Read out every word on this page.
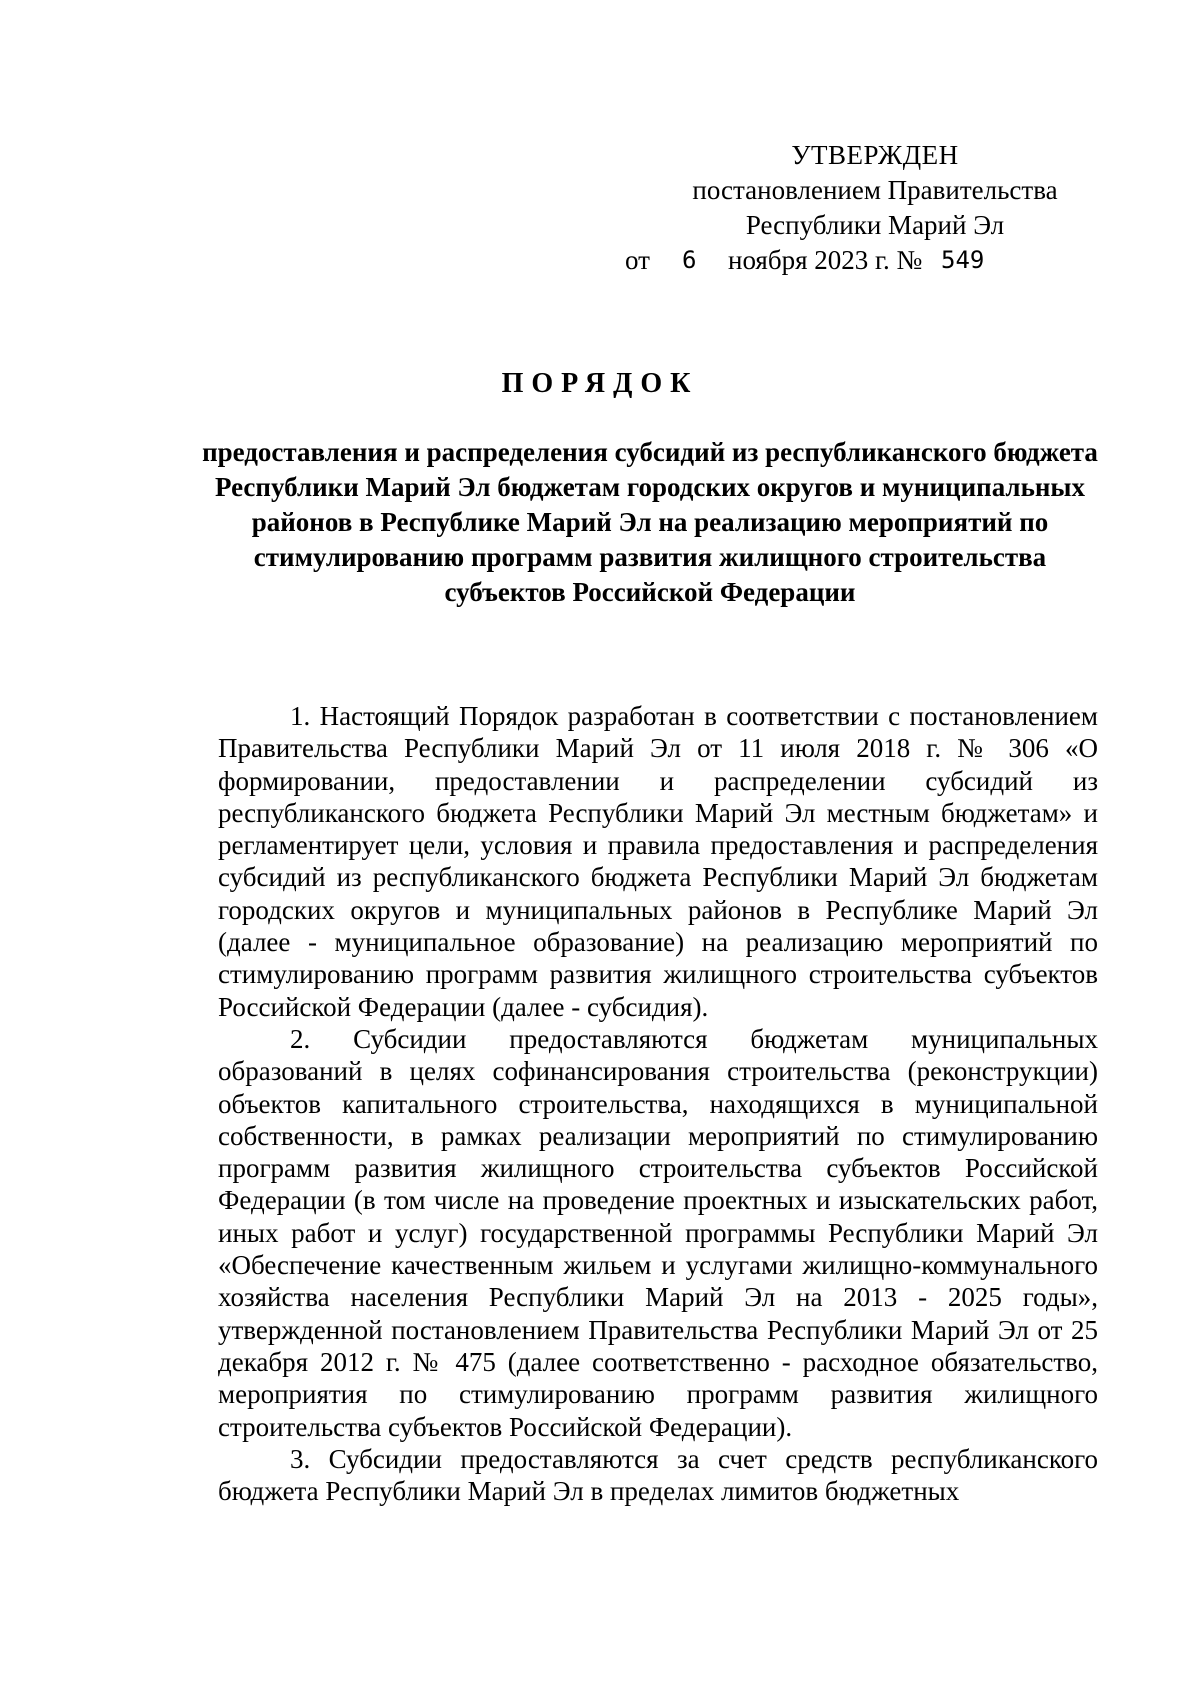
УТВЕРЖДЕН
постановлением Правительства
Республики Марий Эл
от 6 ноября 2023 г. № 549
ПОРЯДОК
предоставления и распределения субсидий из республиканского бюджета Республики Марий Эл бюджетам городских округов и муниципальных районов в Республике Марий Эл на реализацию мероприятий по стимулированию программ развития жилищного строительства субъектов Российской Федерации

1. Настоящий Порядок разработан в соответствии с постановлением Правительства Республики Марий Эл от 11 июля 2018 г. № 306 «О формировании, предоставлении и распределении субсидий из республиканского бюджета Республики Марий Эл местным бюджетам» и регламентирует цели, условия и правила предоставления и распределения субсидий из республиканского бюджета Республики Марий Эл бюджетам городских округов и муниципальных районов в Республике Марий Эл (далее - муниципальное образование) на реализацию мероприятий по стимулированию программ развития жилищного строительства субъектов Российской Федерации (далее - субсидия).

2. Субсидии предоставляются бюджетам муниципальных образований в целях софинансирования строительства (реконструкции) объектов капитального строительства, находящихся в муниципальной собственности, в рамках реализации мероприятий по стимулированию программ развития жилищного строительства субъектов Российской Федерации (в том числе на проведение проектных и изыскательских работ, иных работ и услуг) государственной программы Республики Марий Эл «Обеспечение качественным жильем и услугами жилищно-коммунального хозяйства населения Республики Марий Эл на 2013 - 2025 годы», утвержденной постановлением Правительства Республики Марий Эл от 25 декабря 2012 г. № 475 (далее соответственно - расходное обязательство, мероприятия по стимулированию программ развития жилищного строительства субъектов Российской Федерации).

3. Субсидии предоставляются за счет средств республиканского бюджета Республики Марий Эл в пределах лимитов бюджетных
